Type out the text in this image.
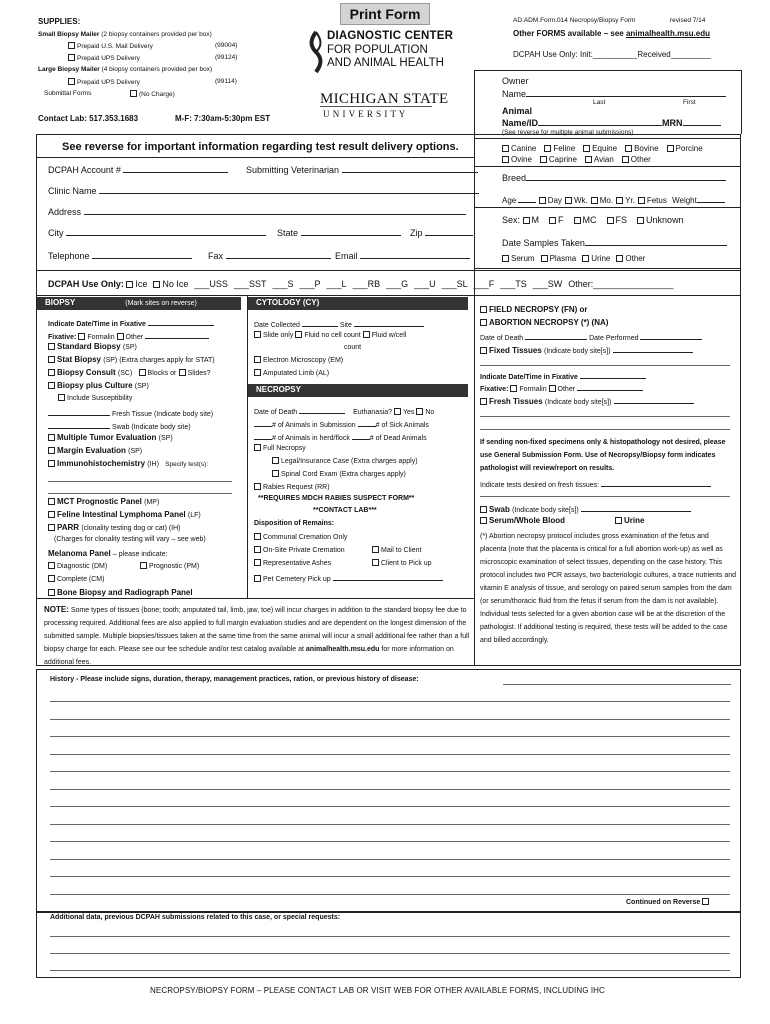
Print Form
SUPPLIES:
Small Biopsy Mailer (2 biopsy containers provided per box)
Prepaid U.S. Mail Delivery	(99004)
Prepaid UPS Delivery	(99124)
Large Biopsy Mailer (4 biopsy containers provided per box)
Prepaid UPS Delivery	(99114)
Submittal Forms	(No Charge)
Contact Lab: 517.353.1683	M-F: 7:30am-5:30pm EST
DIAGNOSTIC CENTER
FOR POPULATION
AND ANIMAL HEALTH
MICHIGAN STATE
U N I V E R S I T Y
AD.ADM.Form.014 Necropsy/Biopsy Form	revised 7/14
Other FORMS available – see animalhealth.msu.edu
DCPAH Use Only: Init:__________Received_________
Owner
Name
Last	First
Animal
Name/ID	MRN
(See reverse for multiple animal submissions)
Canine Feline Equine Bovine Porcine
Ovine Caprine Avian Other
Breed
Age	Day Wk. Mo. Yr. Fetus Weight
Sex: M F MC FS Unknown
Date Samples Taken
Serum Plasma Urine Other
See reverse for important information regarding test result delivery options.
DCPAH Account #	Submitting Veterinarian
Clinic Name
Address
City	State	Zip
Telephone	Fax	Email
DCPAH Use Only: Ice No Ice ___USS ___SST ___S ___P ___L ___RB ___G ___U ___SL ___F ___TS ___SW Other:________________
BIOPSY	(Mark sites on reverse)
Indicate Date/Time in Fixative
Fixative: Formalin Other
Standard Biopsy (SP)
Stat Biopsy (SP) (Extra charges apply for STAT)
Biopsy Consult (SC) Blocks or Slides?
Biopsy plus Culture (SP)
Include Susceptibility
Fresh Tissue (Indicate body site)
Swab (Indicate body site)
Multiple Tumor Evaluation (SP)
Margin Evaluation (SP)
Immunohistochemistry (IH) Specify test(s):
MCT Prognostic Panel (MP)
Feline Intestinal Lymphoma Panel (LF)
PARR (clonality testing dog or cat) (IH)
(Charges for clonality testing will vary – see web)
Melanoma Panel – please indicate:
Diagnostic (DM)	Prognostic (PM)
Complete (CM)
Bone Biopsy and Radiograph Panel
CYTOLOGY (CY)
Date Collected	Site
Slide only Fluid no cell count Fluid w/cell
count
Electron Microscopy (EM)
Amputated Limb (AL)
NECROPSY
Date of Death	Euthanasia? Yes No
# of Animals in Submission	# of Sick Animals
# of Animals in herd/flock	# of Dead Animals
Full Necropsy
Legal/Insurance Case (Extra charges apply)
Spinal Cord Exam (Extra charges apply)
Rabies Request (RR)
**REQUIRES MDCH RABIES SUSPECT FORM**
**CONTACT LAB***
Disposition of Remains:
Communal Cremation Only
On-Site Private Cremation	Mail to Client
Representative Ashes	Client to Pick up
Pet Cemetery Pick up
FIELD NECROPSY (FN) or
ABORTION NECROPSY (*) (NA)
Date of Death	Date Performed
Fixed Tissues (Indicate body site[s])
Indicate Date/Time in Fixative
Fixative: Formalin Other
Fresh Tissues (Indicate body site[s])
If sending non-fixed specimens only & histopathology not desired, please use General Submission Form. Use of Necropsy/Biopsy form indicates pathologist will review/report on results.
Indicate tests desired on fresh tissues:
Swab (Indicate body site[s])
Serum/Whole Blood	Urine
(*) Abortion necropsy protocol includes gross examination of the fetus and placenta (note that the placenta is critical for a full abortion work-up) as well as microscopic examination of select tissues, depending on the case history. This protocol includes two PCR assays, two bacteriologic cultures, a trace nutrients and vitamin E analysis of tissue, and serology on paired serum samples from the dam (or serum/thoracic fluid from the fetus if serum from the dam is not available). Individual tests selected for a given abortion case will be at the discretion of the pathologist. If additional testing is required, these tests will be added to the case and billed accordingly.
NOTE: Some types of tissues (bone; tooth; amputated tail, limb, jaw, toe) will incur charges in addition to the standard biopsy fee due to processing required. Additional fees are also applied to full margin evaluation studies and are dependent on the longest dimension of the submitted sample. Multiple biopsies/tissues taken at the same time from the same animal will incur a small additional fee rather than a full biopsy charge for each. Please see our fee schedule and/or test catalog available at animalhealth.msu.edu for more information on additional fees.
History - Please include signs, duration, therapy, management practices, ration, or previous history of disease:
Continued on Reverse
Additional data, previous DCPAH submissions related to this case, or special requests:
NECROPSY/BIOPSY FORM – PLEASE CONTACT LAB OR VISIT WEB FOR OTHER AVAILABLE FORMS, INCLUDING IHC
